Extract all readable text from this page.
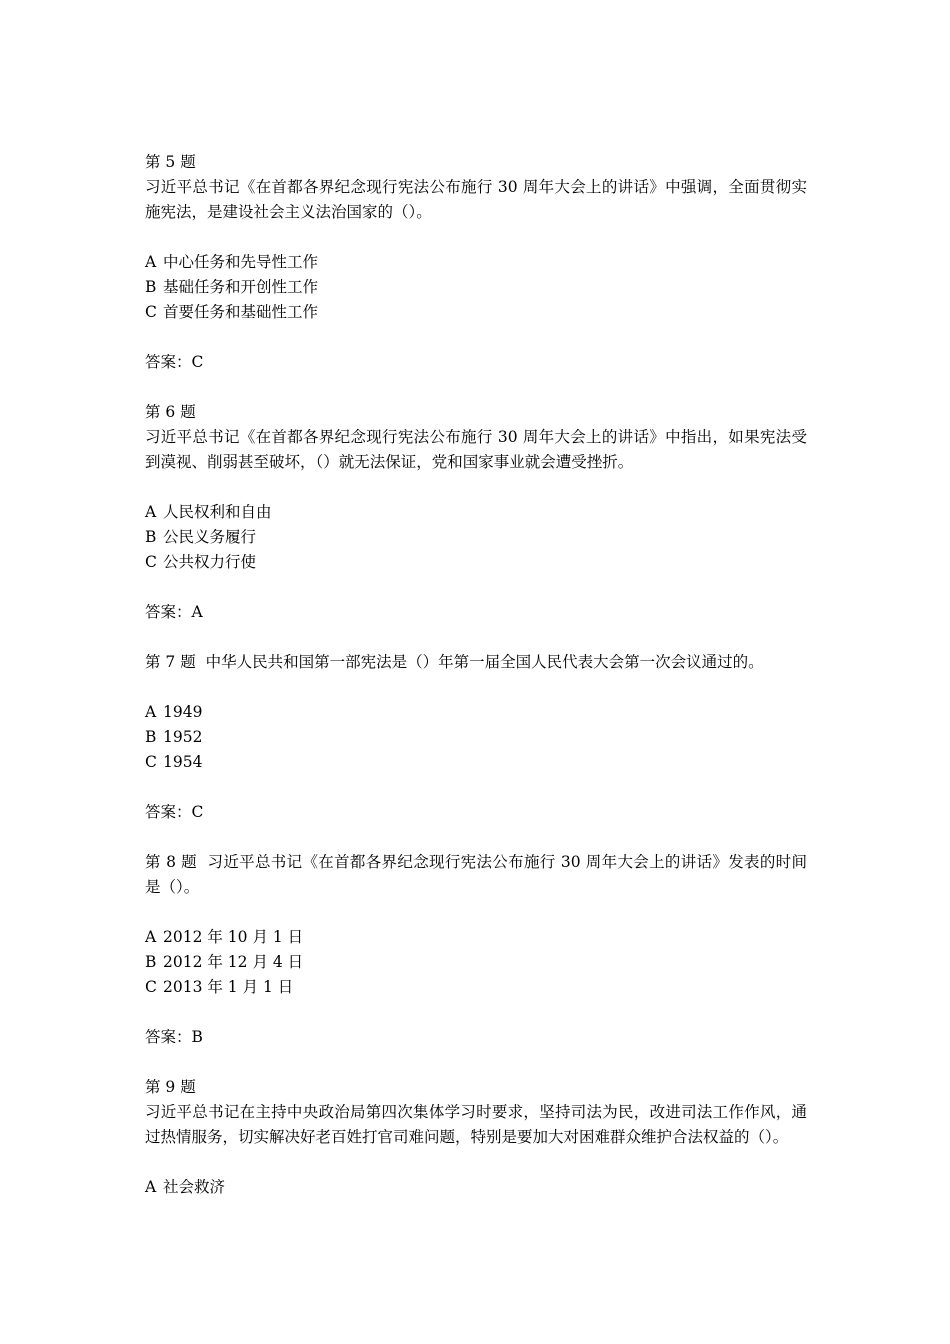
第 5 题
习近平总书记《在首都各界纪念现行宪法公布施行 30 周年大会上的讲话》中强调，全面贯彻实施宪法，是建设社会主义法治国家的（）。
A 中心任务和先导性工作
B 基础任务和开创性工作
C 首要任务和基础性工作
答案：C
第 6 题
习近平总书记《在首都各界纪念现行宪法公布施行 30 周年大会上的讲话》中指出，如果宪法受到漠视、削弱甚至破坏，（）就无法保证，党和国家事业就会遭受挫折。
A 人民权利和自由
B 公民义务履行
C 公共权力行使
答案：A
第 7 题 中华人民共和国第一部宪法是（）年第一届全国人民代表大会第一次会议通过的。
A 1949
B 1952
C 1954
答案：C
第 8 题 习近平总书记《在首都各界纪念现行宪法公布施行 30 周年大会上的讲话》发表的时间是（）。
A 2012 年 10 月 1 日
B 2012 年 12 月 4 日
C 2013 年 1 月 1 日
答案：B
第 9 题
习近平总书记在主持中央政治局第四次集体学习时要求，坚持司法为民，改进司法工作作风，通过热情服务，切实解决好老百姓打官司难问题，特别是要加大对困难群众维护合法权益的（）。
A 社会救济
